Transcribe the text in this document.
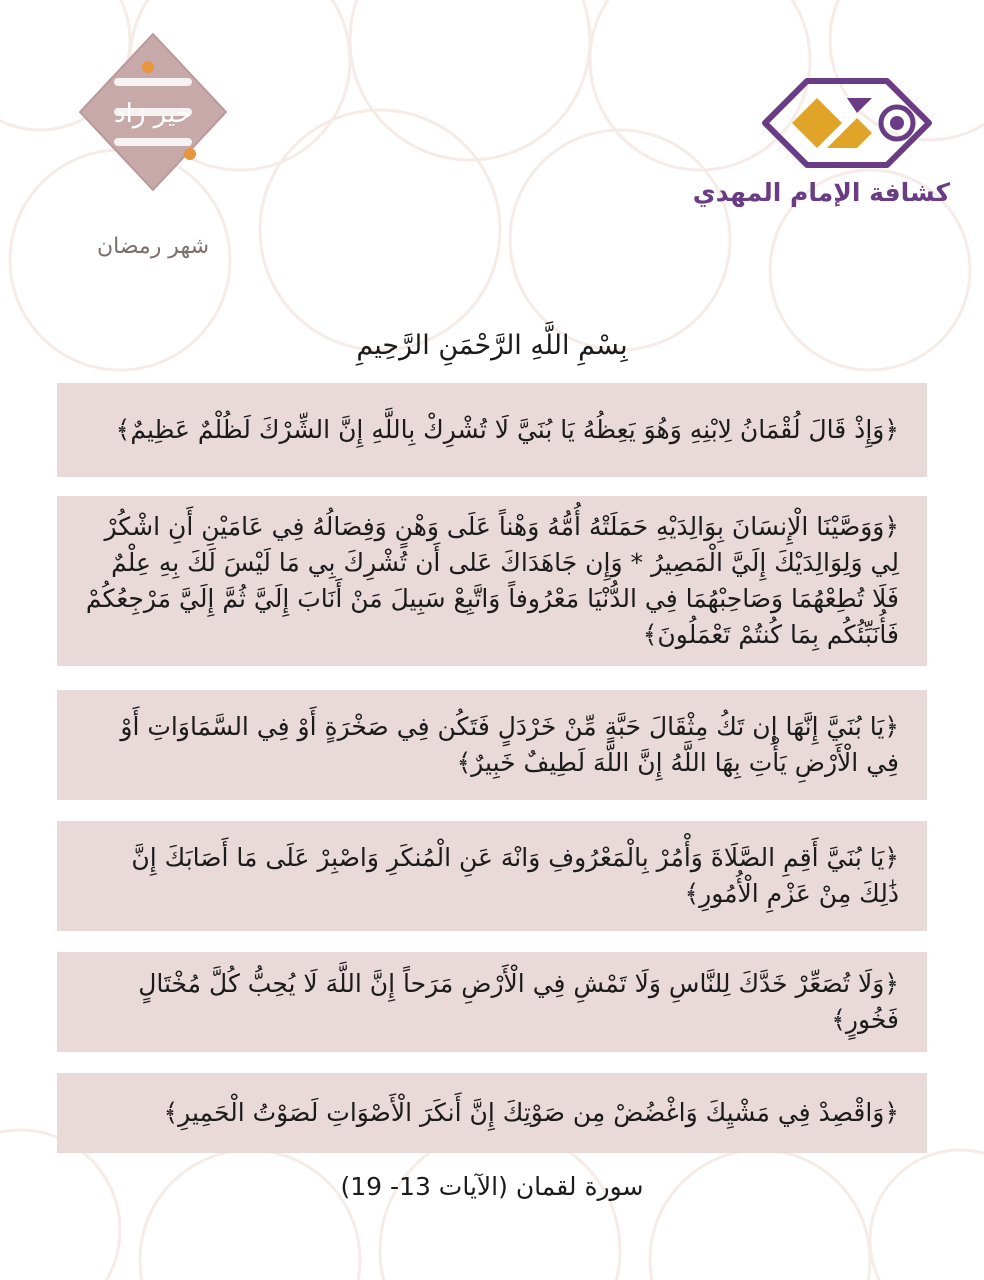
خير زاد
شهر رمضان
كشافة الإمام المهدي
بِسْمِ اللَّهِ الرَّحْمَنِ الرَّحِيمِ
﴿وَإِذْ قَالَ لُقْمَانُ لِابْنِهِ وَهُوَ يَعِظُهُ يَا بُنَيَّ لَا تُشْرِكْ بِاللَّهِ إِنَّ الشِّرْكَ لَظُلْمٌ عَظِيمٌ﴾
﴿وَوَصَّيْنَا الْإِنسَانَ بِوَالِدَيْهِ حَمَلَتْهُ أُمُّهُ وَهْناً عَلَى وَهْنٍ وَفِصَالُهُ فِي عَامَيْنِ أَنِ اشْكُرْ لِي وَلِوَالِدَيْكَ إِلَيَّ الْمَصِيرُ * وَإِن جَاهَدَاكَ عَلى أَن تُشْرِكَ بِي مَا لَيْسَ لَكَ بِهِ عِلْمٌ فَلَا تُطِعْهُمَا وَصَاحِبْهُمَا فِي الدُّنْيَا مَعْرُوفاً وَاتَّبِعْ سَبِيلَ مَنْ أَنَابَ إِلَيَّ ثُمَّ إِلَيَّ مَرْجِعُكُمْ فَأُنَبِّئُكُم بِمَا كُنتُمْ تَعْمَلُونَ﴾
﴿يَا بُنَيَّ إِنَّهَا إِن تَكُ مِثْقَالَ حَبَّةٍ مِّنْ خَرْدَلٍ فَتَكُن فِي صَخْرَةٍ أَوْ فِي السَّمَاوَاتِ أَوْ فِي الْأَرْضِ يَأْتِ بِهَا اللَّهُ إِنَّ اللَّهَ لَطِيفٌ خَبِيرٌ﴾
﴿يَا بُنَيَّ أَقِمِ الصَّلَاةَ وَأْمُرْ بِالْمَعْرُوفِ وَانْهَ عَنِ الْمُنكَرِ وَاصْبِرْ عَلَى مَا أَصَابَكَ إِنَّ ذَٰلِكَ مِنْ عَزْمِ الْأُمُورِ﴾
﴿وَلَا تُصَعِّرْ خَدَّكَ لِلنَّاسِ وَلَا تَمْشِ فِي الْأَرْضِ مَرَحاً إِنَّ اللَّهَ لَا يُحِبُّ كُلَّ مُخْتَالٍ فَخُورٍ﴾
﴿وَاقْصِدْ فِي مَشْيِكَ وَاغْضُضْ مِن صَوْتِكَ إِنَّ أَنكَرَ الْأَصْوَاتِ لَصَوْتُ الْحَمِيرِ﴾
سورة لقمان (الآيات 13- 19)
